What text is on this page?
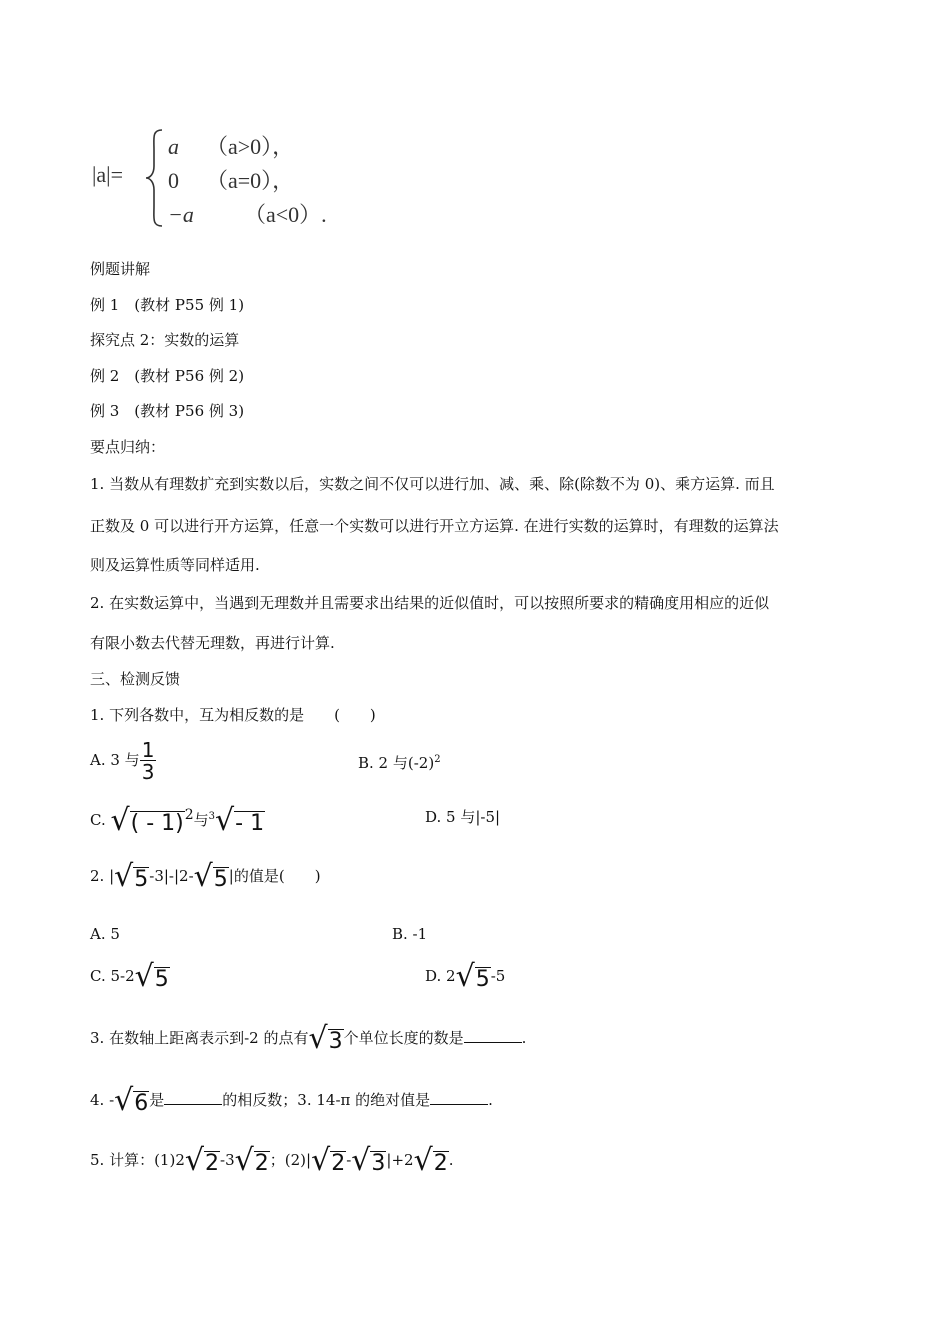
|a|=
a （a>0），
0 （a=0），
−a （a<0）.
例题讲解
例 1　(教材 P55 例 1)
探究点 2：实数的运算
例 2　(教材 P56 例 2)
例 3　(教材 P56 例 3)
要点归纳：
1. 当数从有理数扩充到实数以后，实数之间不仅可以进行加、减、乘、除(除数不为 0)、乘方运算. 而且
正数及 0 可以进行开方运算，任意一个实数可以进行开立方运算. 在进行实数的运算时，有理数的运算法
则及运算性质等同样适用.
2. 在实数运算中，当遇到无理数并且需要求出结果的近似值时，可以按照所要求的精确度用相应的近似
有限小数去代替无理数，再进行计算.
三、检测反馈
1. 下列各数中，互为相反数的是　　(　　)
A. 3 与 $\frac{1}{3}$	B. 2 与$(-2)^2$
C. √( - 1)$^2$与$^3$√- 1	D. 5 与|-5|
2. |√5-3|-|2-√5|的值是(　　)
A. 5	B. -1
C. 5-2√5	D. 2√5-5
3. 在数轴上距离表示到-2 的点有√3个单位长度的数是	.
4. -√6是	的相反数；3. 14-π 的绝对值是	.
5. 计算：(1)2√2-3√2；(2)|√2-√3|+2√2.
